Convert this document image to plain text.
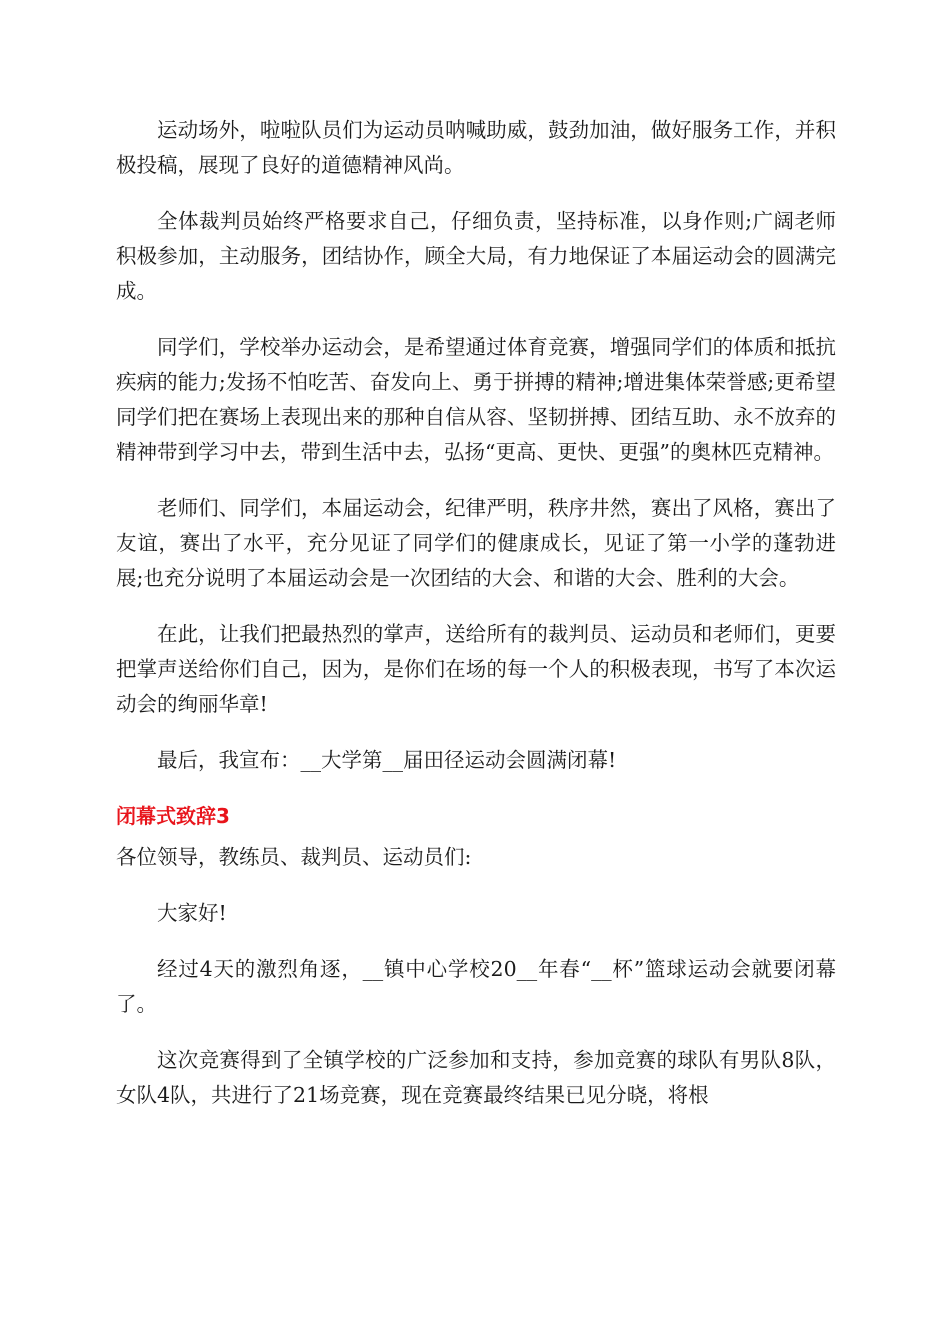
运动场外，啦啦队员们为运动员呐喊助威，鼓劲加油，做好服务工作，并积极投稿，展现了良好的道德精神风尚。

全体裁判员始终严格要求自己，仔细负责，坚持标准，以身作则;广阔老师积极参加，主动服务，团结协作，顾全大局，有力地保证了本届运动会的圆满完成。

同学们，学校举办运动会，是希望通过体育竞赛，增强同学们的体质和抵抗疾病的能力;发扬不怕吃苦、奋发向上、勇于拼搏的精神;增进集体荣誉感;更希望同学们把在赛场上表现出来的那种自信从容、坚韧拼搏、团结互助、永不放弃的精神带到学习中去，带到生活中去，弘扬“更高、更快、更强”的奥林匹克精神。

老师们、同学们，本届运动会，纪律严明，秩序井然，赛出了风格，赛出了友谊，赛出了水平，充分见证了同学们的健康成长，见证了第一小学的蓬勃进展;也充分说明了本届运动会是一次团结的大会、和谐的大会、胜利的大会。

在此，让我们把最热烈的掌声，送给所有的裁判员、运动员和老师们，更要把掌声送给你们自己，因为，是你们在场的每一个人的积极表现，书写了本次运动会的绚丽华章!

最后，我宣布：__大学第__届田径运动会圆满闭幕!

闭幕式致辞3

各位领导，教练员、裁判员、运动员们:

大家好!

经过4天的激烈角逐，__镇中心学校20__年春“__杯”篮球运动会就要闭幕了。

这次竞赛得到了全镇学校的广泛参加和支持，参加竞赛的球队有男队8队，女队4队，共进行了21场竞赛，现在竞赛最终结果已见分晓，将根
